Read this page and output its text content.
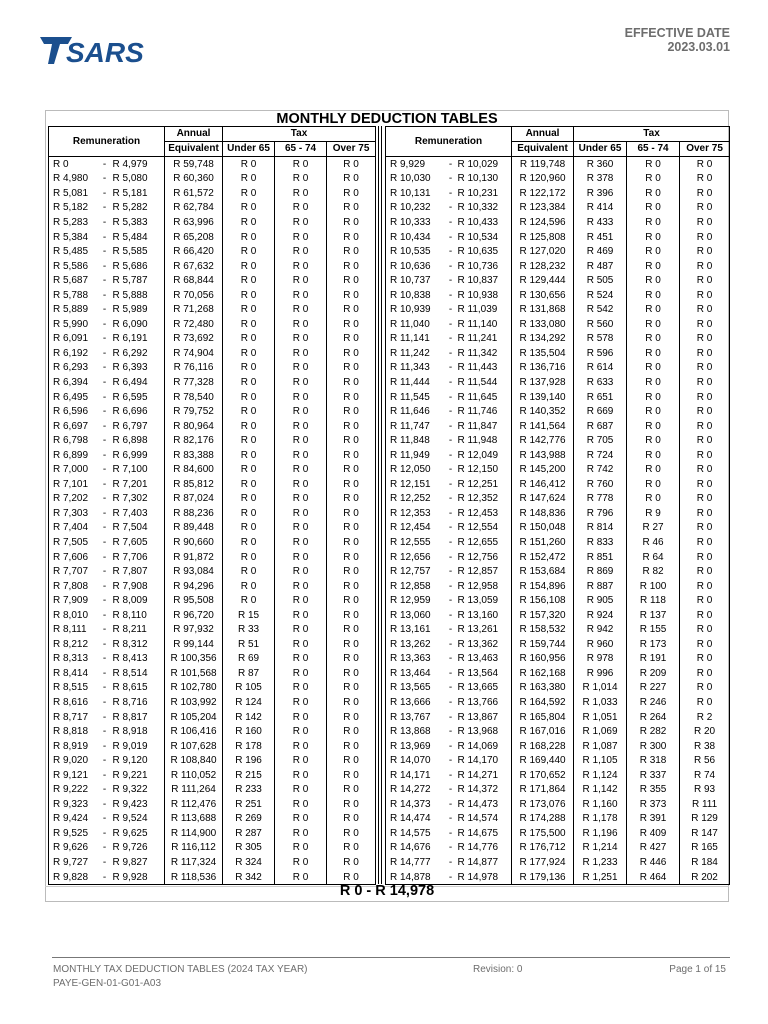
SARS
EFFECTIVE DATE
2023.03.01
MONTHLY DEDUCTION TABLES
Remuneration			Annual	Tax		
			Equivalent	Under 65	65 - 74	Over 75
R 0	-	R 4,979	R 59,748	R 0	R 0	R 0
R 4,980	-	R 5,080	R 60,360	R 0	R 0	R 0
R 5,081	-	R 5,181	R 61,572	R 0	R 0	R 0
R 5,182	-	R 5,282	R 62,784	R 0	R 0	R 0
R 5,283	-	R 5,383	R 63,996	R 0	R 0	R 0
R 5,384	-	R 5,484	R 65,208	R 0	R 0	R 0
R 5,485	-	R 5,585	R 66,420	R 0	R 0	R 0
R 5,586	-	R 5,686	R 67,632	R 0	R 0	R 0
R 5,687	-	R 5,787	R 68,844	R 0	R 0	R 0
R 5,788	-	R 5,888	R 70,056	R 0	R 0	R 0
R 5,889	-	R 5,989	R 71,268	R 0	R 0	R 0
R 5,990	-	R 6,090	R 72,480	R 0	R 0	R 0
R 6,091	-	R 6,191	R 73,692	R 0	R 0	R 0
R 6,192	-	R 6,292	R 74,904	R 0	R 0	R 0
R 6,293	-	R 6,393	R 76,116	R 0	R 0	R 0
R 6,394	-	R 6,494	R 77,328	R 0	R 0	R 0
R 6,495	-	R 6,595	R 78,540	R 0	R 0	R 0
R 6,596	-	R 6,696	R 79,752	R 0	R 0	R 0
R 6,697	-	R 6,797	R 80,964	R 0	R 0	R 0
R 6,798	-	R 6,898	R 82,176	R 0	R 0	R 0
R 6,899	-	R 6,999	R 83,388	R 0	R 0	R 0
R 7,000	-	R 7,100	R 84,600	R 0	R 0	R 0
R 7,101	-	R 7,201	R 85,812	R 0	R 0	R 0
R 7,202	-	R 7,302	R 87,024	R 0	R 0	R 0
R 7,303	-	R 7,403	R 88,236	R 0	R 0	R 0
R 7,404	-	R 7,504	R 89,448	R 0	R 0	R 0
R 7,505	-	R 7,605	R 90,660	R 0	R 0	R 0
R 7,606	-	R 7,706	R 91,872	R 0	R 0	R 0
R 7,707	-	R 7,807	R 93,084	R 0	R 0	R 0
R 7,808	-	R 7,908	R 94,296	R 0	R 0	R 0
R 7,909	-	R 8,009	R 95,508	R 0	R 0	R 0
R 8,010	-	R 8,110	R 96,720	R 15	R 0	R 0
R 8,111	-	R 8,211	R 97,932	R 33	R 0	R 0
R 8,212	-	R 8,312	R 99,144	R 51	R 0	R 0
R 8,313	-	R 8,413	R 100,356	R 69	R 0	R 0
R 8,414	-	R 8,514	R 101,568	R 87	R 0	R 0
R 8,515	-	R 8,615	R 102,780	R 105	R 0	R 0
R 8,616	-	R 8,716	R 103,992	R 124	R 0	R 0
R 8,717	-	R 8,817	R 105,204	R 142	R 0	R 0
R 8,818	-	R 8,918	R 106,416	R 160	R 0	R 0
R 8,919	-	R 9,019	R 107,628	R 178	R 0	R 0
R 9,020	-	R 9,120	R 108,840	R 196	R 0	R 0
R 9,121	-	R 9,221	R 110,052	R 215	R 0	R 0
R 9,222	-	R 9,322	R 111,264	R 233	R 0	R 0
R 9,323	-	R 9,423	R 112,476	R 251	R 0	R 0
R 9,424	-	R 9,524	R 113,688	R 269	R 0	R 0
R 9,525	-	R 9,625	R 114,900	R 287	R 0	R 0
R 9,626	-	R 9,726	R 116,112	R 305	R 0	R 0
R 9,727	-	R 9,827	R 117,324	R 324	R 0	R 0
R 9,828	-	R 9,928	R 118,536	R 342	R 0	R 0
Remuneration			Annual	Tax		
			Equivalent	Under 65	65 - 74	Over 75
R 9,929	-	R 10,029	R 119,748	R 360	R 0	R 0
R 10,030	-	R 10,130	R 120,960	R 378	R 0	R 0
R 10,131	-	R 10,231	R 122,172	R 396	R 0	R 0
R 10,232	-	R 10,332	R 123,384	R 414	R 0	R 0
R 10,333	-	R 10,433	R 124,596	R 433	R 0	R 0
R 10,434	-	R 10,534	R 125,808	R 451	R 0	R 0
R 10,535	-	R 10,635	R 127,020	R 469	R 0	R 0
R 10,636	-	R 10,736	R 128,232	R 487	R 0	R 0
R 10,737	-	R 10,837	R 129,444	R 505	R 0	R 0
R 10,838	-	R 10,938	R 130,656	R 524	R 0	R 0
R 10,939	-	R 11,039	R 131,868	R 542	R 0	R 0
R 11,040	-	R 11,140	R 133,080	R 560	R 0	R 0
R 11,141	-	R 11,241	R 134,292	R 578	R 0	R 0
R 11,242	-	R 11,342	R 135,504	R 596	R 0	R 0
R 11,343	-	R 11,443	R 136,716	R 614	R 0	R 0
R 11,444	-	R 11,544	R 137,928	R 633	R 0	R 0
R 11,545	-	R 11,645	R 139,140	R 651	R 0	R 0
R 11,646	-	R 11,746	R 140,352	R 669	R 0	R 0
R 11,747	-	R 11,847	R 141,564	R 687	R 0	R 0
R 11,848	-	R 11,948	R 142,776	R 705	R 0	R 0
R 11,949	-	R 12,049	R 143,988	R 724	R 0	R 0
R 12,050	-	R 12,150	R 145,200	R 742	R 0	R 0
R 12,151	-	R 12,251	R 146,412	R 760	R 0	R 0
R 12,252	-	R 12,352	R 147,624	R 778	R 0	R 0
R 12,353	-	R 12,453	R 148,836	R 796	R 9	R 0
R 12,454	-	R 12,554	R 150,048	R 814	R 27	R 0
R 12,555	-	R 12,655	R 151,260	R 833	R 46	R 0
R 12,656	-	R 12,756	R 152,472	R 851	R 64	R 0
R 12,757	-	R 12,857	R 153,684	R 869	R 82	R 0
R 12,858	-	R 12,958	R 154,896	R 887	R 100	R 0
R 12,959	-	R 13,059	R 156,108	R 905	R 118	R 0
R 13,060	-	R 13,160	R 157,320	R 924	R 137	R 0
R 13,161	-	R 13,261	R 158,532	R 942	R 155	R 0
R 13,262	-	R 13,362	R 159,744	R 960	R 173	R 0
R 13,363	-	R 13,463	R 160,956	R 978	R 191	R 0
R 13,464	-	R 13,564	R 162,168	R 996	R 209	R 0
R 13,565	-	R 13,665	R 163,380	R 1,014	R 227	R 0
R 13,666	-	R 13,766	R 164,592	R 1,033	R 246	R 0
R 13,767	-	R 13,867	R 165,804	R 1,051	R 264	R 2
R 13,868	-	R 13,968	R 167,016	R 1,069	R 282	R 20
R 13,969	-	R 14,069	R 168,228	R 1,087	R 300	R 38
R 14,070	-	R 14,170	R 169,440	R 1,105	R 318	R 56
R 14,171	-	R 14,271	R 170,652	R 1,124	R 337	R 74
R 14,272	-	R 14,372	R 171,864	R 1,142	R 355	R 93
R 14,373	-	R 14,473	R 173,076	R 1,160	R 373	R 111
R 14,474	-	R 14,574	R 174,288	R 1,178	R 391	R 129
R 14,575	-	R 14,675	R 175,500	R 1,196	R 409	R 147
R 14,676	-	R 14,776	R 176,712	R 1,214	R 427	R 165
R 14,777	-	R 14,877	R 177,924	R 1,233	R 446	R 184
R 14,878	-	R 14,978	R 179,136	R 1,251	R 464	R 202
R 0 - R 14,978
MONTHLY TAX DEDUCTION TABLES (2024 TAX YEAR)
PAYE-GEN-01-G01-A03
Revision: 0	Page 1 of 15
